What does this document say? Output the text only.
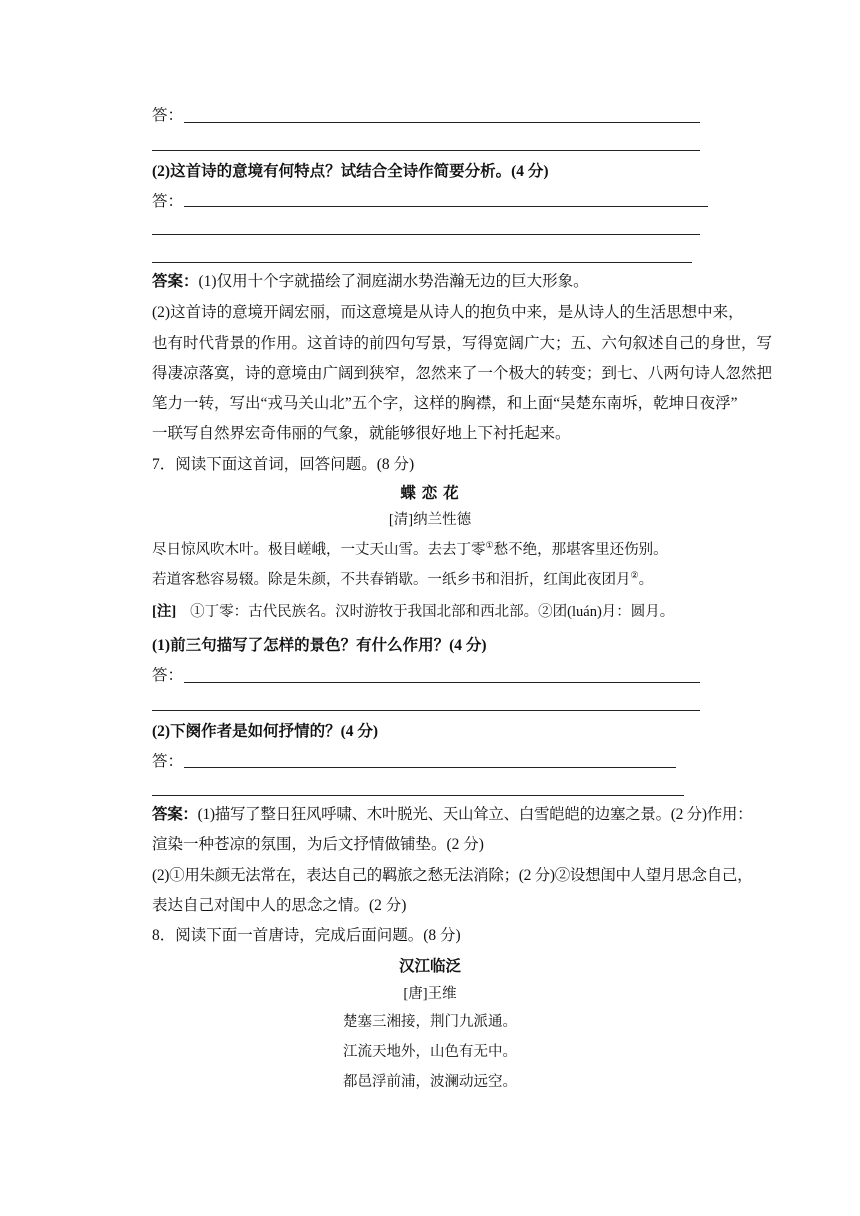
答：
(2)这首诗的意境有何特点？试结合全诗作简要分析。(4 分)
答：
答案：(1)仅用十个字就描绘了洞庭湖水势浩瀚无边的巨大形象。
(2)这首诗的意境开阔宏丽，而这意境是从诗人的抱负中来，是从诗人的生活思想中来，
也有时代背景的作用。这首诗的前四句写景，写得宽阔广大；五、六句叙述自己的身世，写
得凄凉落寞，诗的意境由广阔到狭窄，忽然来了一个极大的转变；到七、八两句诗人忽然把
笔力一转，写出“戎马关山北”五个字，这样的胸襟，和上面“吴楚东南坼，乾坤日夜浮”
一联写自然界宏奇伟丽的气象，就能够很好地上下衬托起来。
7．阅读下面这首词，回答问题。(8 分)
蝶 恋 花
[清]纳兰性德
尽日惊风吹木叶。极目嵯峨，一丈天山雪。去去丁零①愁不绝，那堪客里还伤别。
若道客愁容易辍。除是朱颜，不共春销歇。一纸乡书和泪折，红闺此夜团月②。
[注] ①丁零：古代民族名。汉时游牧于我国北部和西北部。②团(luán)月：圆月。
(1)前三句描写了怎样的景色？有什么作用？(4 分)
答：
(2)下阕作者是如何抒情的？(4 分)
答：
答案：(1)描写了整日狂风呼啸、木叶脱光、天山耸立、白雪皑皑的边塞之景。(2 分)作用：
渲染一种苍凉的氛围，为后文抒情做铺垫。(2 分)
(2)①用朱颜无法常在，表达自己的羁旅之愁无法消除；(2 分)②设想闺中人望月思念自己，
表达自己对闺中人的思念之情。(2 分)
8．阅读下面一首唐诗，完成后面问题。(8 分)
汉江临泛
[唐]王维
楚塞三湘接，荆门九派通。
江流天地外，山色有无中。
都邑浮前浦，波澜动远空。
